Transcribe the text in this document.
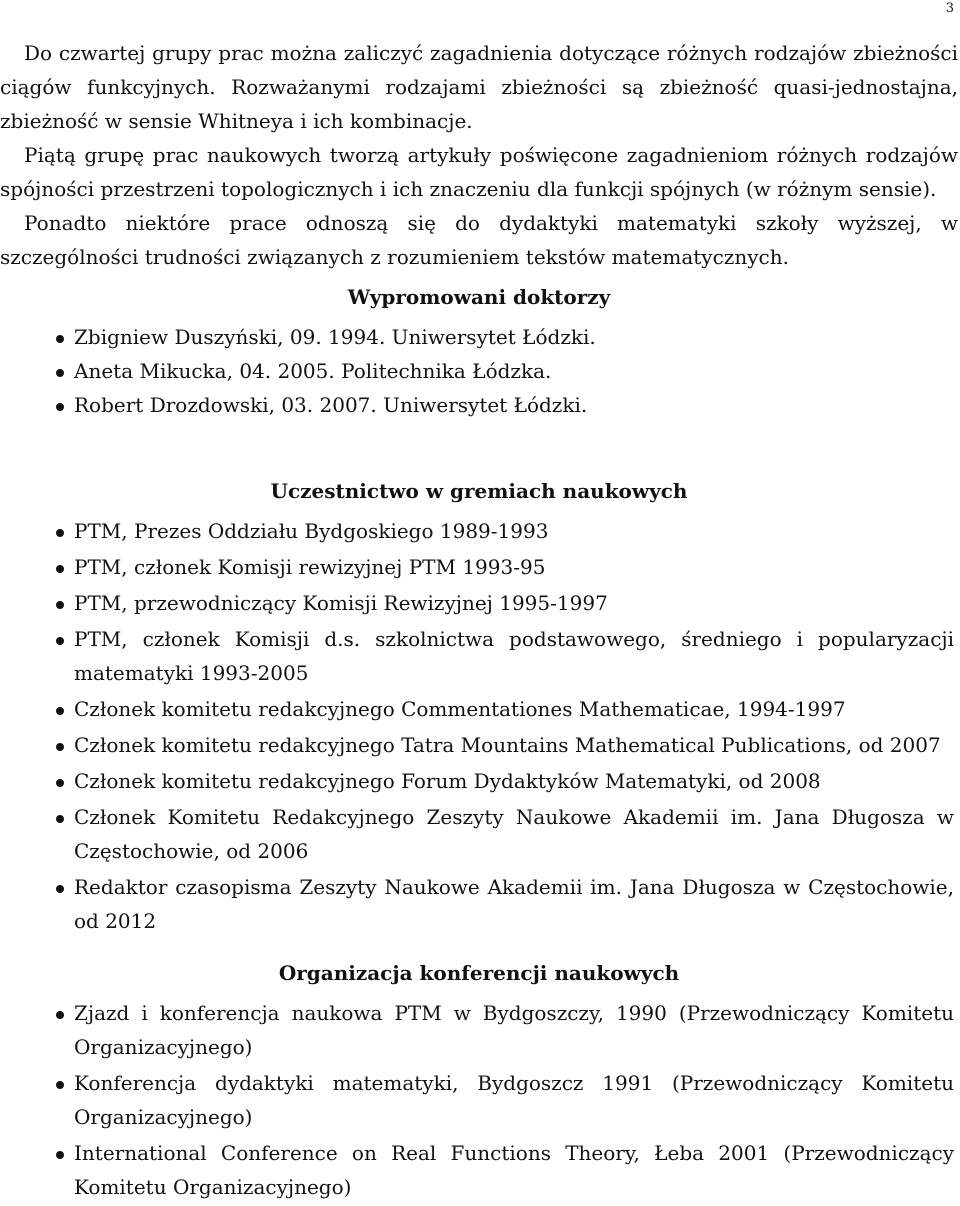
3

Do czwartej grupy prac można zaliczyć zagadnienia dotyczące różnych rodzajów zbieżności ciągów funkcyjnych. Rozważanymi rodzajami zbieżności są zbieżność quasi-jednostajna, zbieżność w sensie Whitneya i ich kombinacje.

Piątą grupę prac naukowych tworzą artykuły poświęcone zagadnieniom różnych rodzajów spójności przestrzeni topologicznych i ich znaczeniu dla funkcji spójnych (w różnym sensie).

Ponadto niektóre prace odnoszą się do dydaktyki matematyki szkoły wyższej, w szczególności trudności związanych z rozumieniem tekstów matematycznych.

Wypromowani doktorzy
Zbigniew Duszyński, 09. 1994. Uniwersytet Łódzki.
Aneta Mikucka, 04. 2005. Politechnika Łódzka.
Robert Drozdowski, 03. 2007. Uniwersytet Łódzki.
Uczestnictwo w gremiach naukowych
PTM, Prezes Oddziału Bydgoskiego 1989-1993
PTM, członek Komisji rewizyjnej PTM 1993-95
PTM, przewodniczący Komisji Rewizyjnej 1995-1997
PTM, członek Komisji d.s. szkolnictwa podstawowego, średniego i popularyzacji matematyki 1993-2005
Członek komitetu redakcyjnego Commentationes Mathematicae, 1994-1997
Członek komitetu redakcyjnego Tatra Mountains Mathematical Publications, od 2007
Członek komitetu redakcyjnego Forum Dydaktyków Matematyki, od 2008
Członek Komitetu Redakcyjnego Zeszyty Naukowe Akademii im. Jana Długosza w Częstochowie, od 2006
Redaktor czasopisma Zeszyty Naukowe Akademii im. Jana Długosza w Częstochowie, od 2012
Organizacja konferencji naukowych
Zjazd i konferencja naukowa PTM w Bydgoszczy, 1990 (Przewodniczący Komitetu Organizacyjnego)
Konferencja dydaktyki matematyki, Bydgoszcz 1991 (Przewodniczący Komitetu Organizacyjnego)
International Conference on Real Functions Theory, Łeba 2001 (Przewodniczący Komitetu Organizacyjnego)
